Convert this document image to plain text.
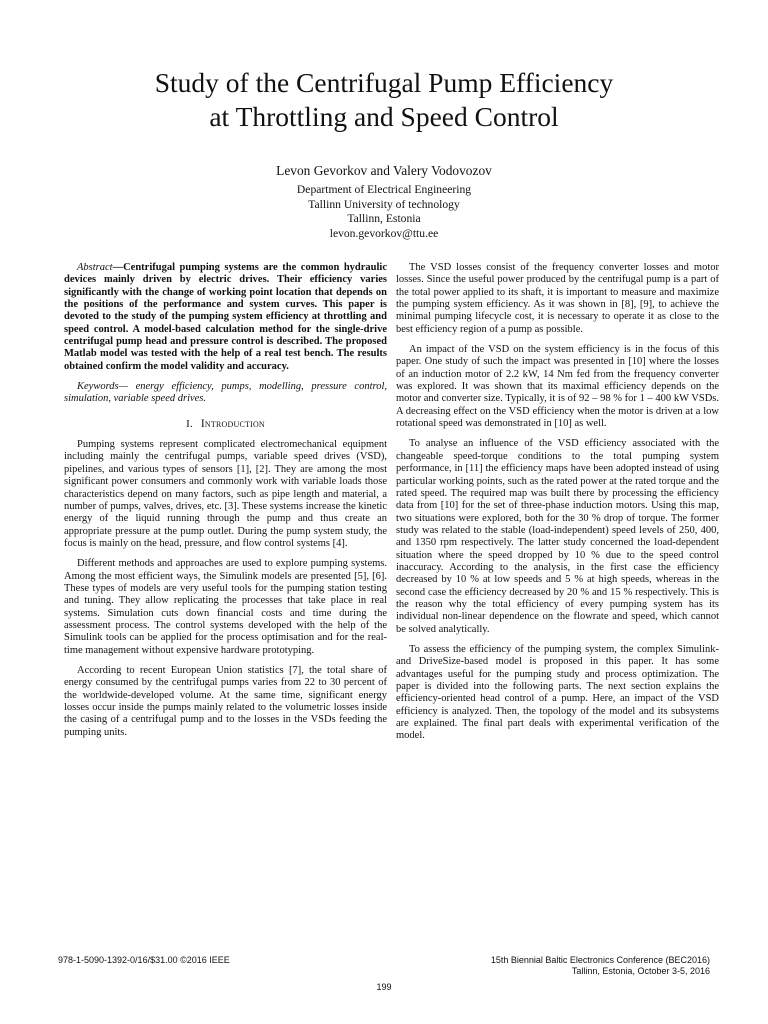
Study of the Centrifugal Pump Efficiency
at Throttling and Speed Control
Levon Gevorkov and Valery Vodovozov
Department of Electrical Engineering
Tallinn University of technology
Tallinn, Estonia
levon.gevorkov@ttu.ee

Abstract—Centrifugal pumping systems are the common hydraulic devices mainly driven by electric drives. Their efficiency varies significantly with the change of working point location that depends on the positions of the performance and system curves. This paper is devoted to the study of the pumping system efficiency at throttling and speed control. A model-based calculation method for the single-drive centrifugal pump head and pressure control is described. The proposed Matlab model was tested with the help of a real test bench. The results obtained confirm the model validity and accuracy.

Keywords— energy efficiency, pumps, modelling, pressure control, simulation, variable speed drives.

I. Introduction

Pumping systems represent complicated electromechanical equipment including mainly the centrifugal pumps, variable speed drives (VSD), pipelines, and various types of sensors [1], [2]. They are among the most significant power consumers and commonly work with variable loads those characteristics depend on many factors, such as pipe length and material, a number of pumps, valves, drives, etc. [3]. These systems increase the kinetic energy of the liquid running through the pump and thus create an appropriate pressure at the pump outlet. During the pump system study, the focus is mainly on the head, pressure, and flow control systems [4].

Different methods and approaches are used to explore pumping systems. Among the most efficient ways, the Simulink models are presented [5], [6]. These types of models are very useful tools for the pumping station testing and tuning. They allow replicating the processes that take place in real systems. Simulation cuts down financial costs and time during the assessment process. The control systems developed with the help of the Simulink tools can be applied for the process optimisation and for the real-time management without expensive hardware prototyping.

According to recent European Union statistics [7], the total share of energy consumed by the centrifugal pumps varies from 22 to 30 percent of the worldwide-developed volume. At the same time, significant energy losses occur inside the pumps mainly related to the volumetric losses inside the casing of a centrifugal pump and to the losses in the VSDs feeding the pumping units.

The VSD losses consist of the frequency converter losses and motor losses. Since the useful power produced by the centrifugal pump is a part of the total power applied to its shaft, it is important to measure and maximize the pumping system efficiency. As it was shown in [8], [9], to achieve the minimal pumping lifecycle cost, it is necessary to operate it as close to the best efficiency region of a pump as possible.

An impact of the VSD on the system efficiency is in the focus of this paper. One study of such the impact was presented in [10] where the losses of an induction motor of 2.2 kW, 14 Nm fed from the frequency converter was explored. It was shown that its maximal efficiency depends on the motor and converter size. Typically, it is of 92 – 98 % for 1 – 400 kW VSDs. A decreasing effect on the VSD efficiency when the motor is driven at a low rotational speed was demonstrated in [10] as well.

To analyse an influence of the VSD efficiency associated with the changeable speed-torque conditions to the total pumping system performance, in [11] the efficiency maps have been adopted instead of using particular working points, such as the rated power at the rated torque and the rated speed. The required map was built there by processing the efficiency data from [10] for the set of three-phase induction motors. Using this map, two situations were explored, both for the 30 % drop of torque. The former study was related to the stable (load-independent) speed levels of 250, 400, and 1350 rpm respectively. The latter study concerned the load-dependent situation where the speed dropped by 10 % due to the speed control inaccuracy. According to the analysis, in the first case the efficiency decreased by 10 % at low speeds and 5 % at high speeds, whereas in the second case the efficiency decreased by 20 % and 15 % respectively. This is the reason why the total efficiency of every pumping system has its individual non-linear dependence on the flowrate and speed, which cannot be solved analytically.

To assess the efficiency of the pumping system, the complex Simulink- and DriveSize-based model is proposed in this paper. It has some advantages useful for the pumping study and process optimization. The paper is divided into the following parts. The next section explains the efficiency-oriented head control of a pump. Here, an impact of the VSD efficiency is analyzed. Then, the topology of the model and its subsystems are explained. The final part deals with experimental verification of the model.

978-1-5090-1392-0/16/$31.00 ©2016 IEEE	15th Biennial Baltic Electronics Conference (BEC2016)
Tallinn, Estonia, October 3-5, 2016
199
